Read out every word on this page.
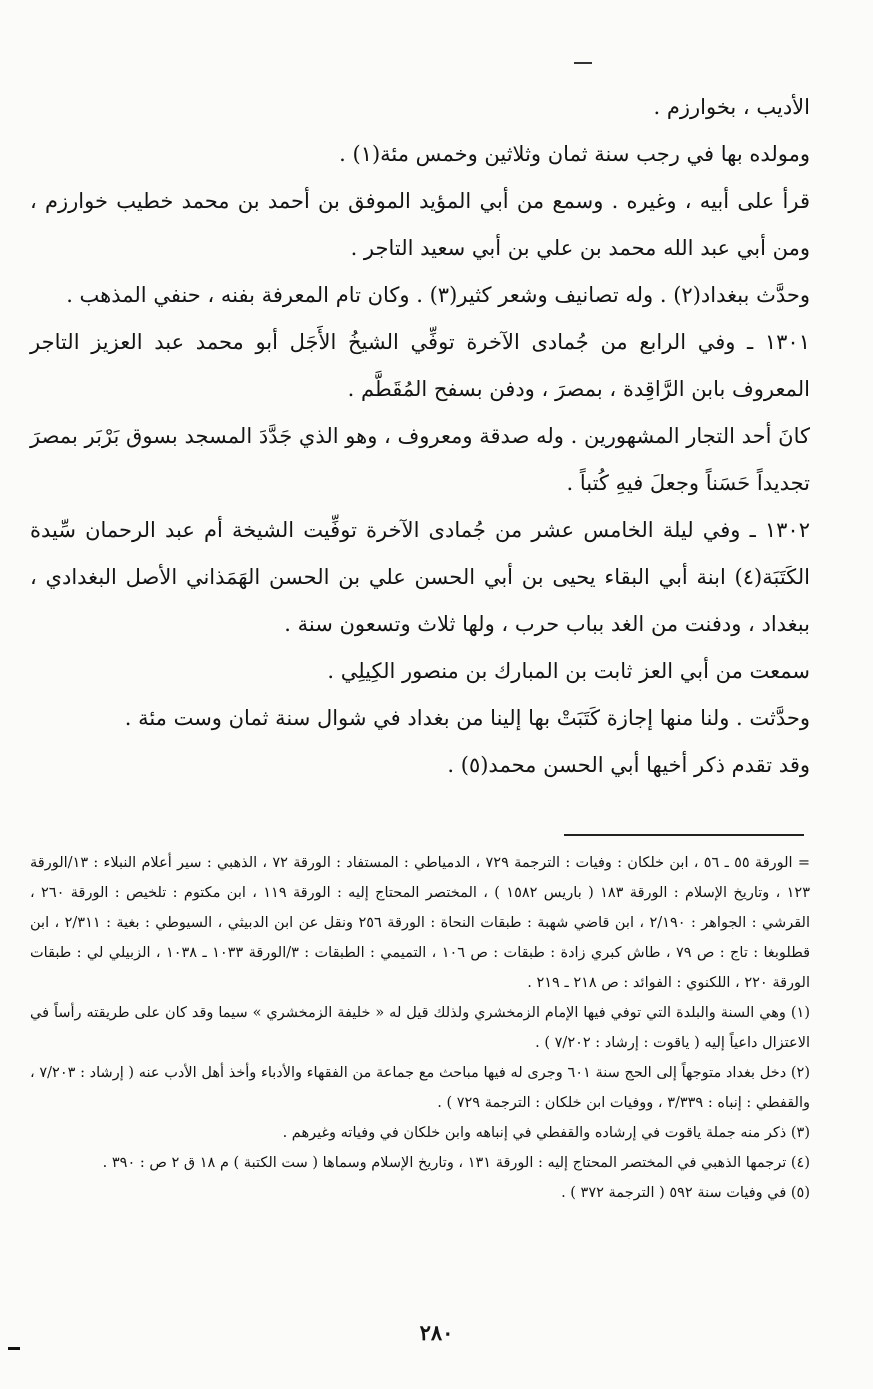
الأديب ، بخوارزم .

ومولده بها في رجب سنة ثمان وثلاثين وخمس مئة(١) .

قرأ على أبيه ، وغيره . وسمع من أبي المؤيد الموفق بن أحمد بن محمد خطيب خوارزم ، ومن أبي عبد الله محمد بن علي بن أبي سعيد التاجر .

وحدَّث ببغداد(٢) . وله تصانيف وشعر كثير(٣) . وكان تام المعرفة بفنه ، حنفي المذهب .

١٣٠١ ـ وفي الرابع من جُمادى الآخرة توفِّي الشيخُ الأَجَل أبو محمد عبد العزيز التاجر المعروف بابن الرَّاقِدة ، بمصرَ ، ودفن بسفح المُقَطَّم .

كانَ أحد التجار المشهورين . وله صدقة ومعروف ، وهو الذي جَدَّدَ المسجد بسوق بَرْبَر بمصرَ تجديداً حَسَناً وجعلَ فيهِ كُتباً .

١٣٠٢ ـ وفي ليلة الخامس عشر من جُمادى الآخرة توفِّيت الشيخة أم عبد الرحمان سِّيدة الكَتَبَة(٤) ابنة أبي البقاء يحيى بن أبي الحسن علي بن الحسن الهَمَذاني الأصل البغدادي ، ببغداد ، ودفنت من الغد بباب حرب ، ولها ثلاث وتسعون سنة .

سمعت من أبي العز ثابت بن المبارك بن منصور الكِيلِي .

وحدَّثت . ولنا منها إجازة كَتَبَتْ بها إلينا من بغداد في شوال سنة ثمان وست مئة .

وقد تقدم ذكر أخيها أبي الحسن محمد(٥) .

= الورقة ٥٥ ـ ٥٦ ، ابن خلكان : وفيات : الترجمة ٧٢٩ ، الدمياطي : المستفاد : الورقة ٧٢ ، الذهبي : سير أعلام النبلاء : ١٣/الورقة ١٢٣ ، وتاريخ الإسلام : الورقة ١٨٣ ( باريس ١٥٨٢ ) ، المختصر المحتاج إليه : الورقة ١١٩ ، ابن مكتوم : تلخيص : الورقة ٢٦٠ ، القرشي : الجواهر : ٢/١٩٠ ، ابن قاضي شهبة : طبقات النحاة : الورقة ٢٥٦ ونقل عن ابن الدبيثي ، السيوطي : بغية : ٢/٣١١ ، ابن قطلوبغا : تاج : ص ٧٩ ، طاش كبري زادة : طبقات : ص ١٠٦ ، التميمي : الطبقات : ٣/الورقة ١٠٣٣ ـ ١٠٣٨ ، الزبيلي لي : طبقات الورقة ٢٢٠ ، اللكنوي : الفوائد : ص ٢١٨ ـ ٢١٩ .

(١) وهي السنة والبلدة التي توفي فيها الإمام الزمخشري ولذلك قيل له « خليفة الزمخشري » سيما وقد كان على طريقته رأساً في الاعتزال داعياً إليه ( ياقوت : إرشاد : ٧/٢٠٢ ) .

(٢) دخل بغداد متوجهاً إلى الحج سنة ٦٠١ وجرى له فيها مباحث مع جماعة من الفقهاء والأدباء وأخذ أهل الأدب عنه ( إرشاد : ٧/٢٠٣ ، والقفطي : إنباه : ٣/٣٣٩ ، ووفيات ابن خلكان : الترجمة ٧٢٩ ) .

(٣) ذكر منه جملة ياقوت في إرشاده والقفطي في إنباهه وابن خلكان في وفياته وغيرهم .

(٤) ترجمها الذهبي في المختصر المحتاج إليه : الورقة ١٣١ ، وتاريخ الإسلام وسماها ( ست الكتبة ) م ١٨ ق ٢ ص : ٣٩٠ .

(٥) في وفيات سنة ٥٩٢ ( الترجمة ٣٧٢ ) .

٢٨٠
